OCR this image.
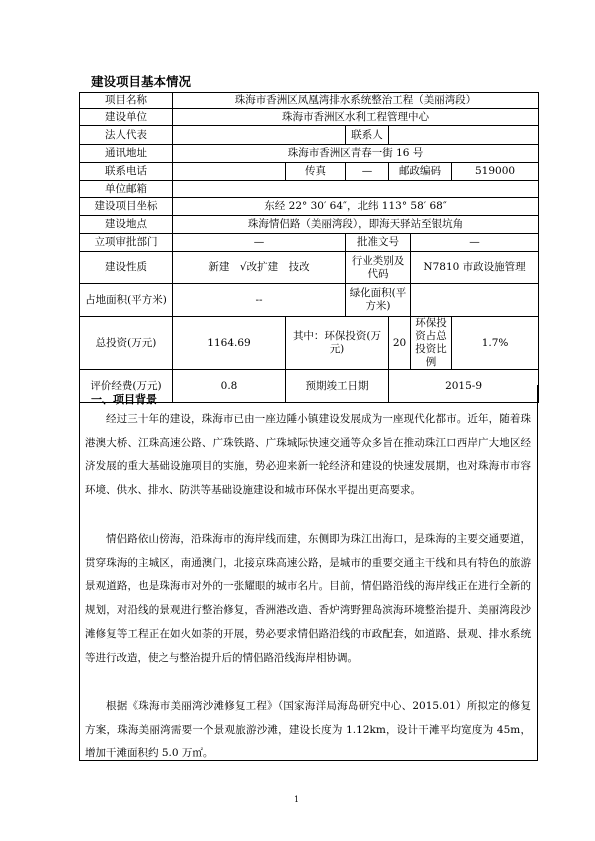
建设项目基本情况
项目名称	珠海市香洲区凤凰湾排水系统整治工程（美丽湾段）					
建设单位	珠海市香洲区水利工程管理中心					
法人代表			联系人			
通讯地址	珠海市香洲区青春一街 16 号					
联系电话		传真	—	邮政编码		519000
单位邮箱						
建设项目坐标	东经 22° 30′ 64″，北纬 113° 58′ 68″					
建设地点	珠海情侣路（美丽湾段），即海天驿站至银坑角					
立项审批部门	—		批准文号		—	
建设性质	新建　√改扩建　技改		行业类别及代码		N7810 市政设施管理	
占地面积(平方米)	--		绿化面积(平方米)			
总投资(万元)	1164.69	其中：环保投资(万元)		20	环保投资占总投资比例	1.7%
评价经费(万元)	0.8	预期竣工日期		2015-9		
一、项目背景

经过三十年的建设，珠海市已由一座边陲小镇建设发展成为一座现代化都市。近年，随着珠港澳大桥、江珠高速公路、广珠铁路、广珠城际快速交通等众多旨在推动珠江口西岸广大地区经济发展的重大基础设施项目的实施，势必迎来新一轮经济和建设的快速发展期，也对珠海市市容环境、供水、排水、防洪等基础设施建设和城市环保水平提出更高要求。

情侣路依山傍海，沿珠海市的海岸线而建，东侧即为珠江出海口，是珠海的主要交通要道，贯穿珠海的主城区，南通澳门，北接京珠高速公路，是城市的重要交通主干线和具有特色的旅游景观道路，也是珠海市对外的一张耀眼的城市名片。目前，情侣路沿线的海岸线正在进行全新的规划，对沿线的景观进行整治修复，香洲港改造、香炉湾野狸岛滨海环境整治提升、美丽湾段沙滩修复等工程正在如火如荼的开展，势必要求情侣路沿线的市政配套，如道路、景观、排水系统等进行改造，使之与整治提升后的情侣路沿线海岸相协调。

根据《珠海市美丽湾沙滩修复工程》（国家海洋局海岛研究中心、2015.01）所拟定的修复方案，珠海美丽湾需要一个景观旅游沙滩，建设长度为 1.12km，设计干滩平均宽度为 45m，增加干滩面积约 5.0 万㎡。

1
